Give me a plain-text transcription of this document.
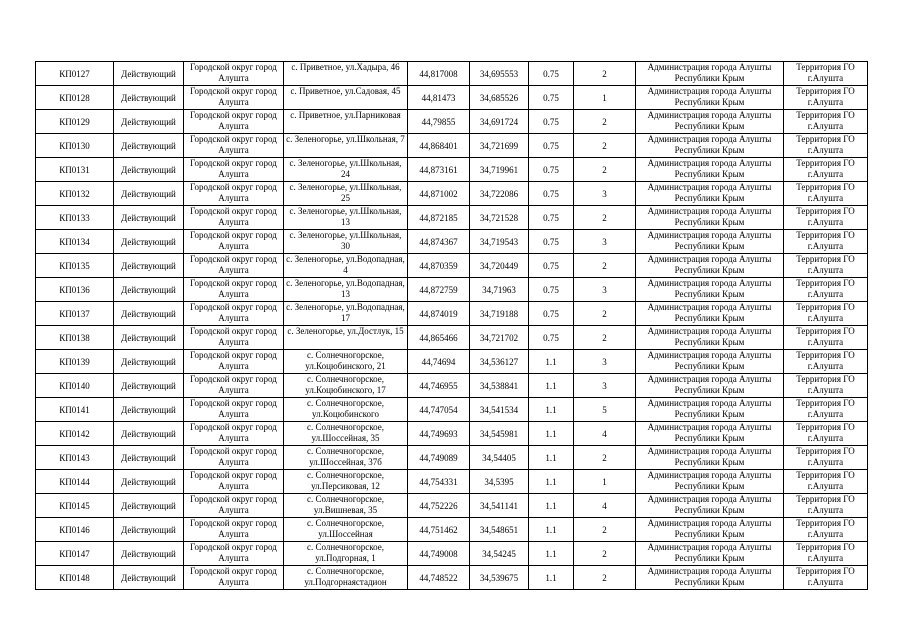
КП0127	Действующий	Городской округ город Алушта	с. Приветное, ул.Хадыра, 46	44,817008	34,695553	0.75	2	Администрация города Алушты Республики Крым	Территория ГО г.Алушта
КП0128	Действующий	Городской округ город Алушта	с. Приветное, ул.Садовая, 45	44,81473	34,685526	0.75	1	Администрация города Алушты Республики Крым	Территория ГО г.Алушта
КП0129	Действующий	Городской округ город Алушта	с. Приветное, ул.Парниковая	44,79855	34,691724	0.75	2	Администрация города Алушты Республики Крым	Территория ГО г.Алушта
КП0130	Действующий	Городской округ город Алушта	с. Зеленогорье, ул.Школьная, 7	44,868401	34,721699	0.75	2	Администрация города Алушты Республики Крым	Территория ГО г.Алушта
КП0131	Действующий	Городской округ город Алушта	с. Зеленогорье, ул.Школьная, 24	44,873161	34,719961	0.75	2	Администрация города Алушты Республики Крым	Территория ГО г.Алушта
КП0132	Действующий	Городской округ город Алушта	с. Зеленогорье, ул.Школьная, 25	44,871002	34,722086	0.75	3	Администрация города Алушты Республики Крым	Территория ГО г.Алушта
КП0133	Действующий	Городской округ город Алушта	с. Зеленогорье, ул.Школьная, 13	44,872185	34,721528	0.75	2	Администрация города Алушты Республики Крым	Территория ГО г.Алушта
КП0134	Действующий	Городской округ город Алушта	с. Зеленогорье, ул.Школьная, 30	44,874367	34,719543	0.75	3	Администрация города Алушты Республики Крым	Территория ГО г.Алушта
КП0135	Действующий	Городской округ город Алушта	с. Зеленогорье, ул.Водопадная, 4	44,870359	34,720449	0.75	2	Администрация города Алушты Республики Крым	Территория ГО г.Алушта
КП0136	Действующий	Городской округ город Алушта	с. Зеленогорье, ул.Водопадная, 13	44,872759	34,71963	0.75	3	Администрация города Алушты Республики Крым	Территория ГО г.Алушта
КП0137	Действующий	Городской округ город Алушта	с. Зеленогорье, ул.Водопадная, 17	44,874019	34,719188	0.75	2	Администрация города Алушты Республики Крым	Территория ГО г.Алушта
КП0138	Действующий	Городской округ город Алушта	с. Зеленогорье, ул.Достлук, 15	44,865466	34,721702	0.75	2	Администрация города Алушты Республики Крым	Территория ГО г.Алушта
КП0139	Действующий	Городской округ город Алушта	с. Солнечногорское, ул.Коцюбинского, 21	44,74694	34,536127	1.1	3	Администрация города Алушты Республики Крым	Территория ГО г.Алушта
КП0140	Действующий	Городской округ город Алушта	с. Солнечногорское, ул.Коцюбинского, 17	44,746955	34,538841	1.1	3	Администрация города Алушты Республики Крым	Территория ГО г.Алушта
КП0141	Действующий	Городской округ город Алушта	с. Солнечногорское, ул.Коцюбинского	44,747054	34,541534	1.1	5	Администрация города Алушты Республики Крым	Территория ГО г.Алушта
КП0142	Действующий	Городской округ город Алушта	с. Солнечногорское, ул.Шоссейная, 35	44,749693	34,545981	1.1	4	Администрация города Алушты Республики Крым	Территория ГО г.Алушта
КП0143	Действующий	Городской округ город Алушта	с. Солнечногорское, ул.Шоссейная, 37б	44,749089	34,54405	1.1	2	Администрация города Алушты Республики Крым	Территория ГО г.Алушта
КП0144	Действующий	Городской округ город Алушта	с. Солнечногорское, ул.Персиковая, 12	44,754331	34,5395	1.1	1	Администрация города Алушты Республики Крым	Территория ГО г.Алушта
КП0145	Действующий	Городской округ город Алушта	с. Солнечногорское, ул.Вишневая, 35	44,752226	34,541141	1.1	4	Администрация города Алушты Республики Крым	Территория ГО г.Алушта
КП0146	Действующий	Городской округ город Алушта	с. Солнечногорское, ул.Шоссейная	44,751462	34,548651	1.1	2	Администрация города Алушты Республики Крым	Территория ГО г.Алушта
КП0147	Действующий	Городской округ город Алушта	с. Солнечногорское, ул.Подгорная, 1	44,749008	34,54245	1.1	2	Администрация города Алушты Республики Крым	Территория ГО г.Алушта
КП0148	Действующий	Городской округ город Алушта	с. Солнечногорское, ул.Подгорнаястадион	44,748522	34,539675	1.1	2	Администрация города Алушты Республики Крым	Территория ГО г.Алушта
